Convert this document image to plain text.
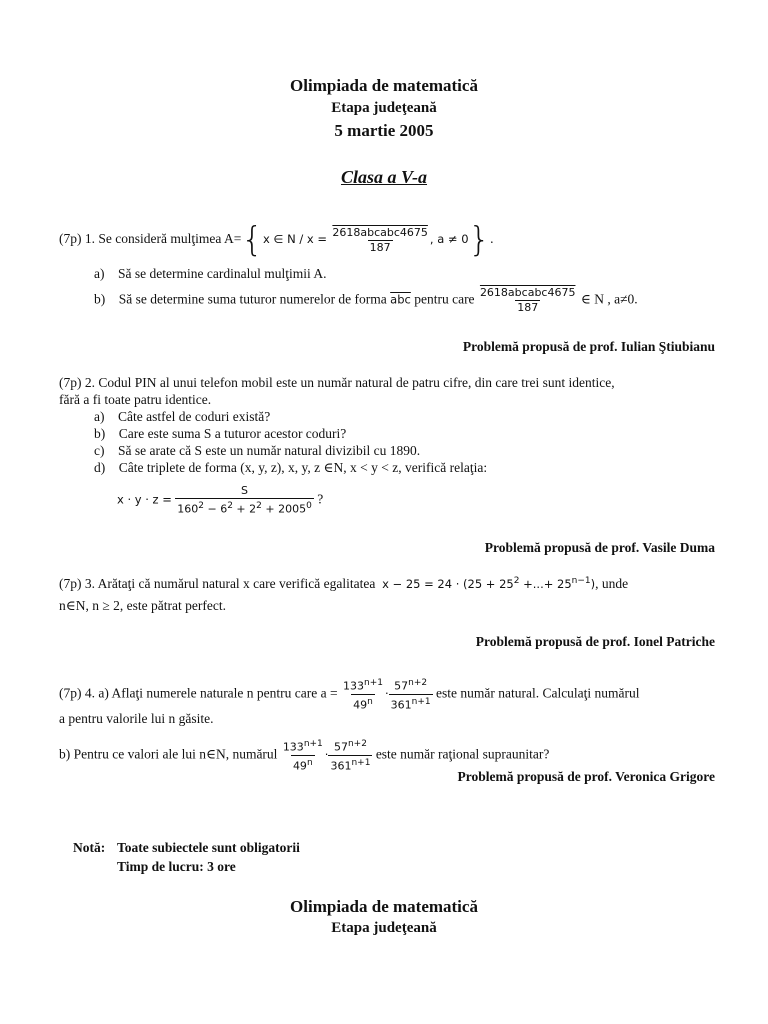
Olimpiada de matematică
Etapa judeţeană
5 martie 2005
Clasa a V-a
(7p) 1. Se consideră mulţimea A={x ∈ $N / x = \frac{\text{2618abcabc4675}}{187}$ , a ≠ 0}.
a) Să se determine cardinalul mulţimii A.
b) Să se determine suma tuturor numerelor de forma $\overline{abc}$ pentru care $\frac{\text{2618abcabc4675}}{187}$ ∈ N , a≠0.
Problemă propusă de prof. Iulian Ştiubianu
(7p) 2. Codul PIN al unui telefon mobil este un număr natural de patru cifre, din care trei sunt identice,
fără a fi toate patru identice.
a) Câte astfel de coduri există?
b) Care este suma S a tuturor acestor coduri?
c) Să se arate că S este un număr natural divizibil cu 1890.
d) Câte triplete de forma (x, y, z), x, y, z ∈N, x < y < z, verifică relaţia:
$x \cdot y \cdot z = \frac{S}{160^2 - 6^2 + 2^2 + 2005^0}$ ?
Problemă propusă de prof. Vasile Duma
(7p) 3. Arătaţi că numărul natural x care verifică egalitatea $x - 25 = 24 \cdot (25 + 25^2$ +...+ $25^{n-1}$), unde
n∈N, n ≥ 2, este pătrat perfect.
Problemă propusă de prof. Ionel Patriche
(7p) 4. a) Aflaţi numerele naturale n pentru care $a = \frac{133^{n+1}}{49^n} \cdot \frac{57^{n+2}}{361^{n+1}}$ este număr natural. Calculaţi numărul
a pentru valorile lui n găsite.
b) Pentru ce valori ale lui n∈N, numărul $\frac{133^{n+1}}{49^n} \cdot \frac{57^{n+2}}{361^{n+1}}$ este număr raţional supraunitar?
Problemă propusă de prof. Veronica Grigore
Notă: Toate subiectele sunt obligatorii
Timp de lucru: 3 ore
Olimpiada de matematică
Etapa judeţeană
